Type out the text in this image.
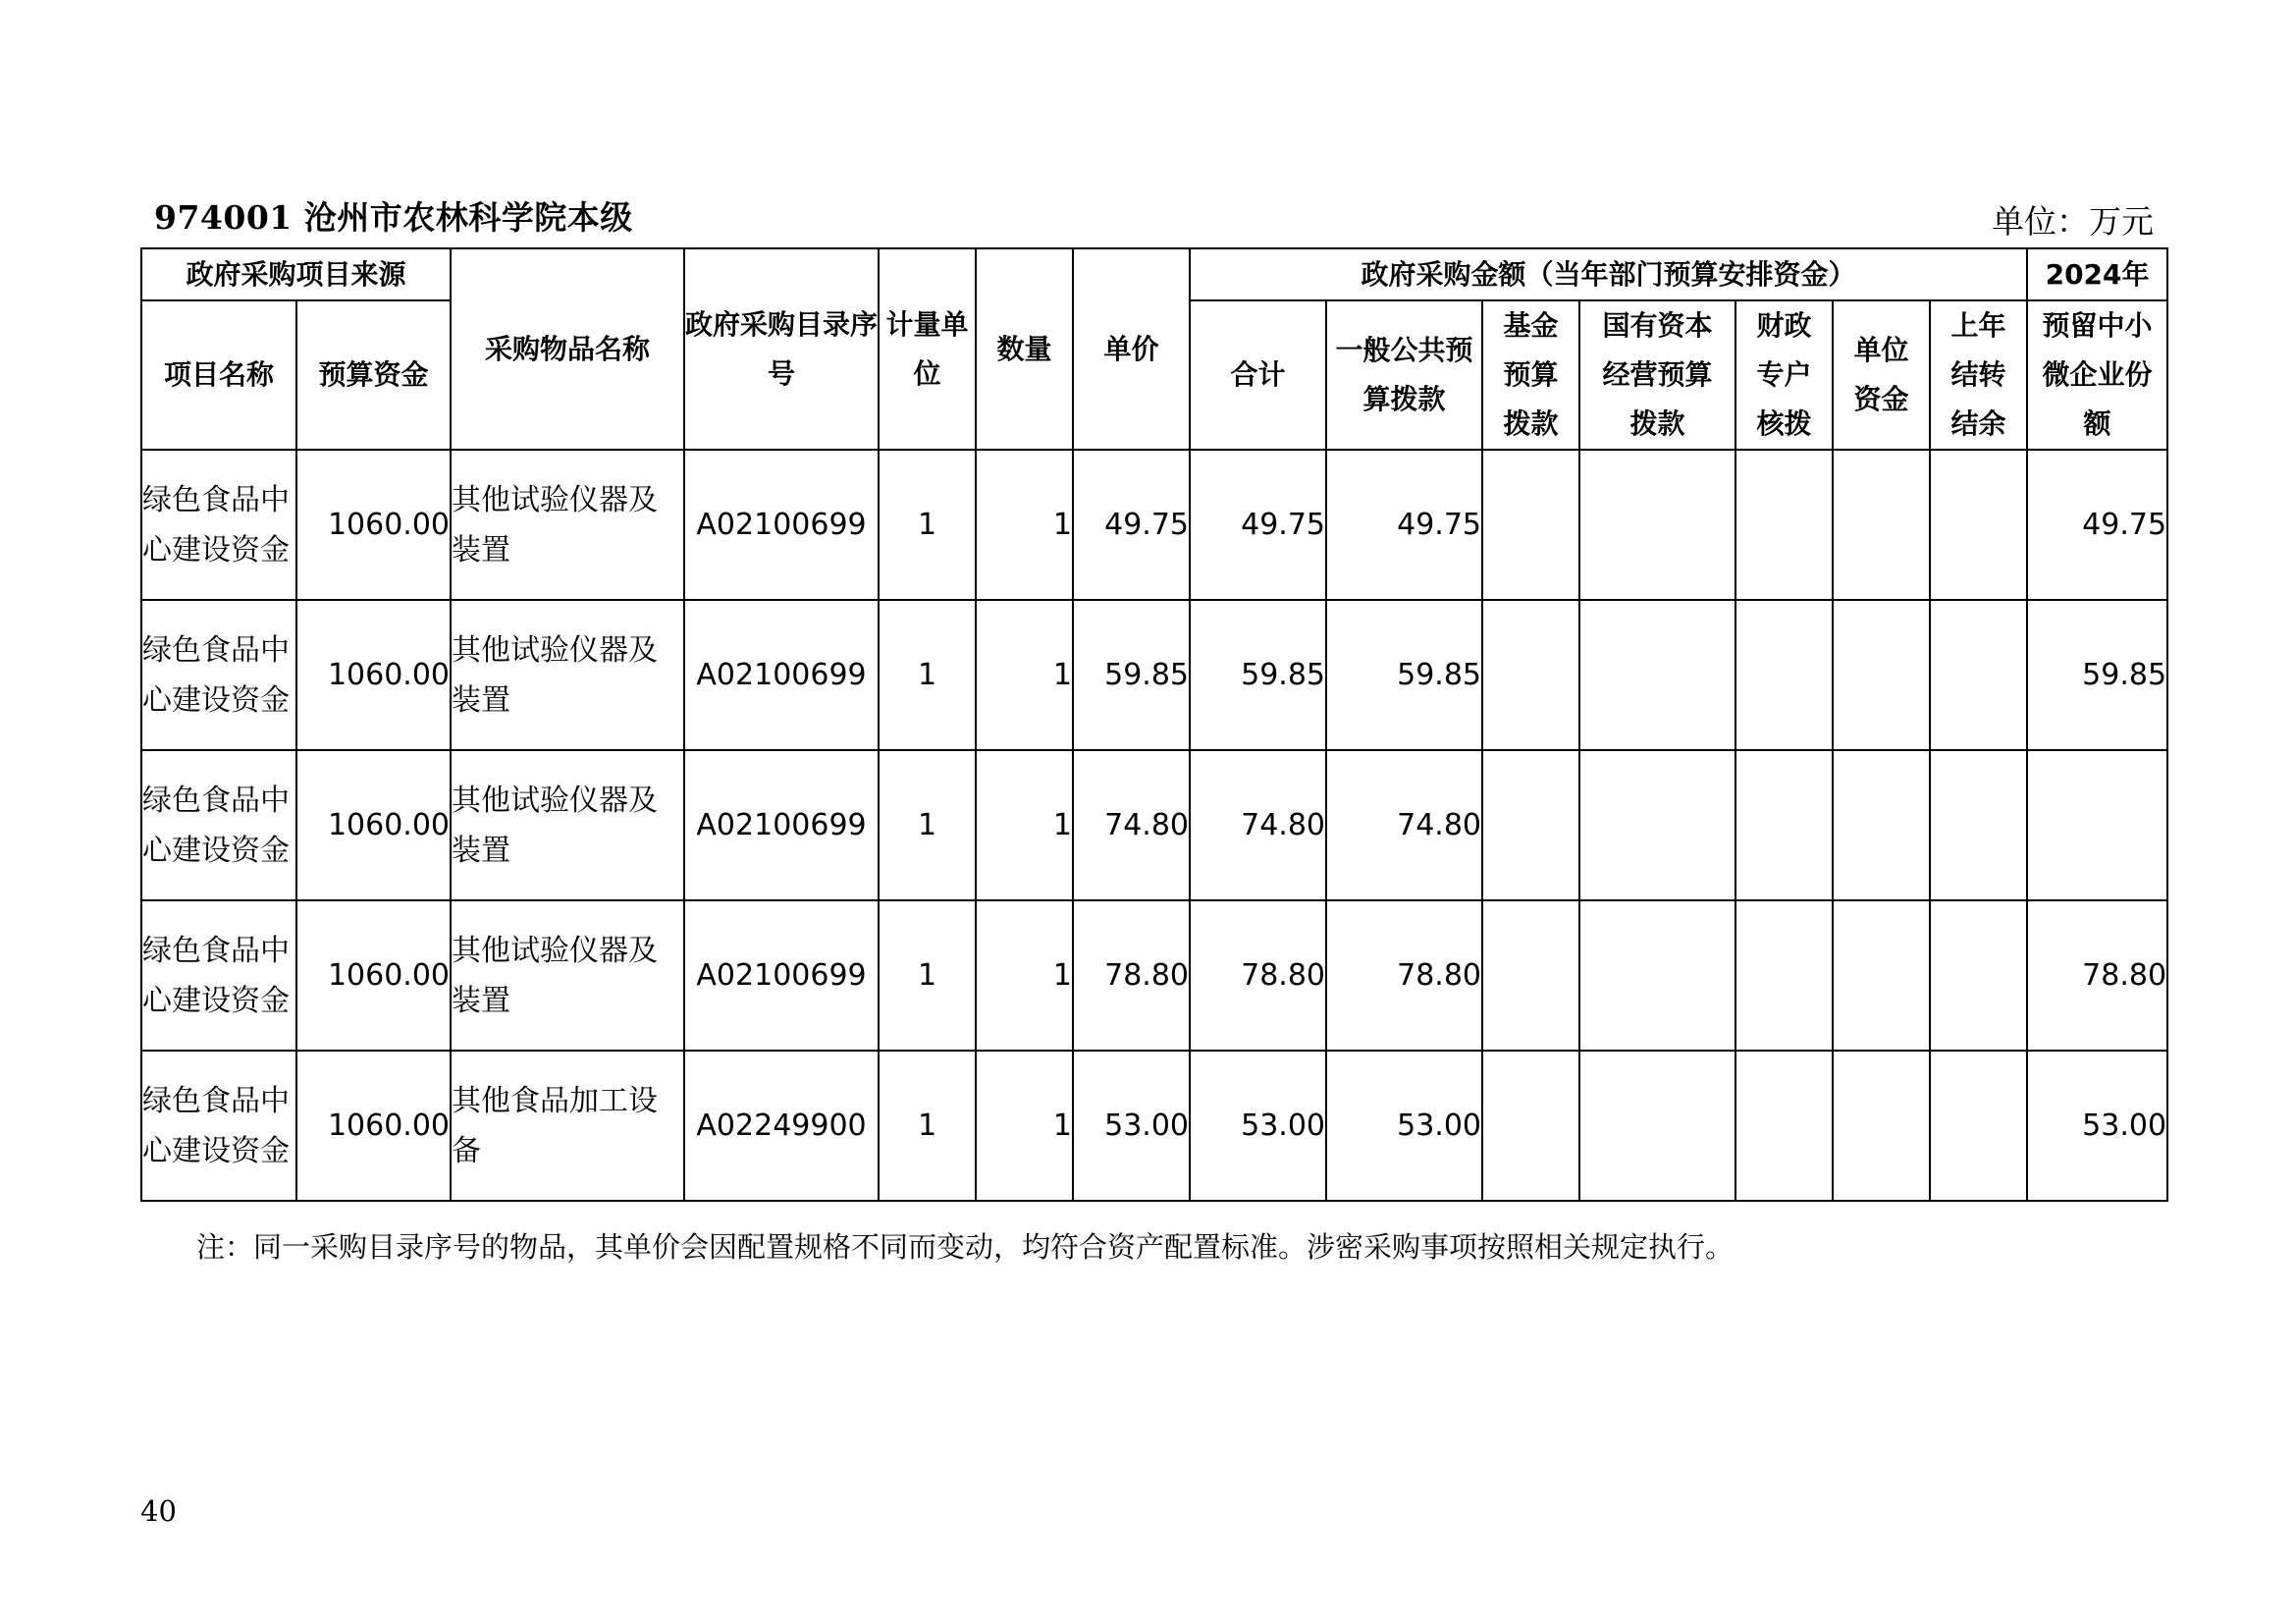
974001 沧州市农林科学院本级	单位：万元
政府采购项目来源		采购物品名称	政府采购目录序号	计量单位	数量	单价	政府采购金额（当年部门预算安排资金）							2024年
项目名称	预算资金						合计	一般公共预算拨款	基金预算拨款	国有资本经营预算拨款	财政专户核拨	单位资金	上年结转结余	预留中小微企业份额
绿色食品中心建设资金	1060.00	其他试验仪器及装置	A02100699	1	1	49.75	49.75	49.75						49.75
绿色食品中心建设资金	1060.00	其他试验仪器及装置	A02100699	1	1	59.85	59.85	59.85						59.85
绿色食品中心建设资金	1060.00	其他试验仪器及装置	A02100699	1	1	74.80	74.80	74.80						
绿色食品中心建设资金	1060.00	其他试验仪器及装置	A02100699	1	1	78.80	78.80	78.80						78.80
绿色食品中心建设资金	1060.00	其他食品加工设备	A02249900	1	1	53.00	53.00	53.00						53.00
注：同一采购目录序号的物品，其单价会因配置规格不同而变动，均符合资产配置标准。涉密采购事项按照相关规定执行。
40
